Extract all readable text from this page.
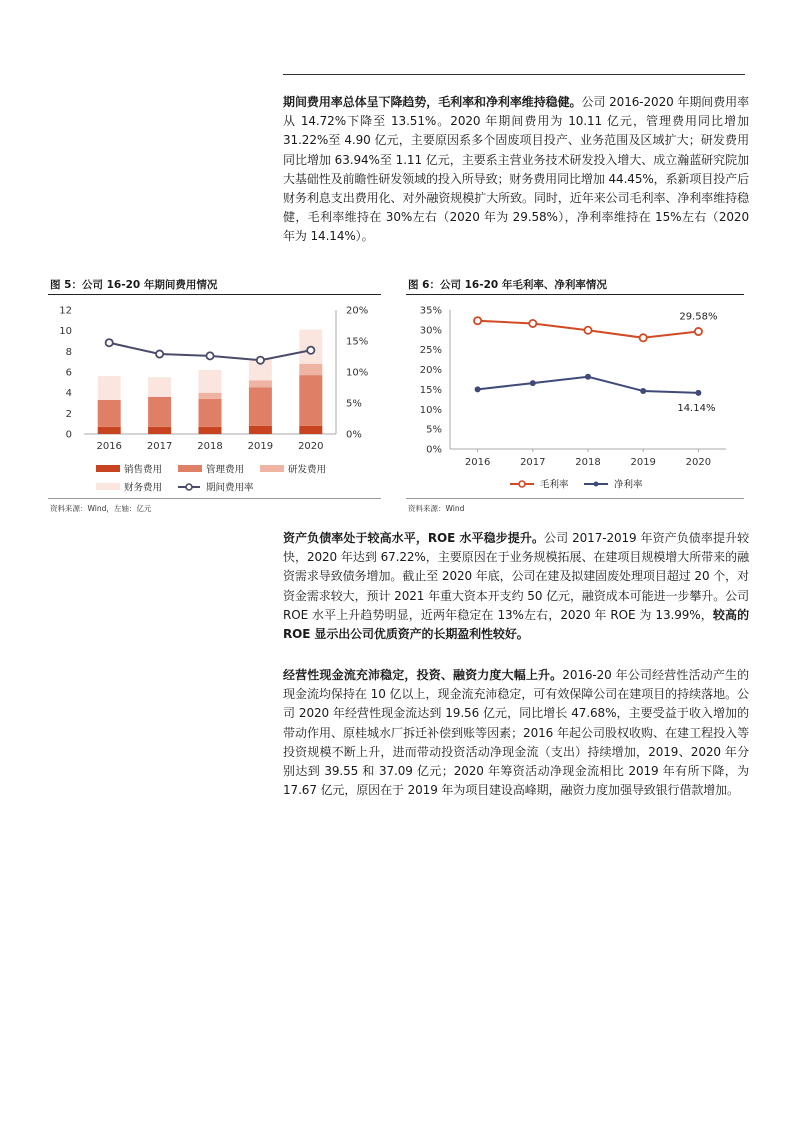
期间费用率总体呈下降趋势，毛利率和净利率维持稳健。公司 2016-2020 年期间费用率从 14.72%下降至 13.51%。2020 年期间费用为 10.11 亿元，管理费用同比增加 31.22%至 4.90 亿元，主要原因系多个固废项目投产、业务范围及区域扩大；研发费用同比增加 63.94%至 1.11 亿元，主要系主营业务技术研发投入增大、成立瀚蓝研究院加大基础性及前瞻性研发领域的投入所导致；财务费用同比增加 44.45%，系新项目投产后财务利息支出费用化、对外融资规模扩大所致。同时，近年来公司毛利率、净利率维持稳健，毛利率维持在 30%左右（2020 年为 29.58%），净利率维持在 15%左右（2020 年为 14.14%）。
图 5：公司 16-20 年期间费用情况	图 6：公司 16-20 年毛利率、净利率情况
0
2
4
6
8
10
12
0%
5%
10%
15%
20%
2016 2017 2018 2019 2020
销售费用	管理费用	研发费用
财务费用	期间费用率
0%
5%
10%
15%
20%
25%
30%
35%
2016	2017	2018	2019	2020
29.58%
14.14%
毛利率	净利率
资料来源：Wind，左轴：亿元	资料来源：Wind
资产负债率处于较高水平，ROE 水平稳步提升。公司 2017-2019 年资产负债率提升较快，2020 年达到 67.22%，主要原因在于业务规模拓展、在建项目规模增大所带来的融资需求导致债务增加。截止至 2020 年底，公司在建及拟建固废处理项目超过 20 个，对资金需求较大，预计 2021 年重大资本开支约 50 亿元，融资成本可能进一步攀升。公司 ROE 水平上升趋势明显，近两年稳定在 13%左右，2020 年 ROE 为 13.99%，较高的 ROE 显示出公司优质资产的长期盈利性较好。
经营性现金流充沛稳定，投资、融资力度大幅上升。2016-20 年公司经营性活动产生的现金流均保持在 10 亿以上，现金流充沛稳定，可有效保障公司在建项目的持续落地。公司 2020 年经营性现金流达到 19.56 亿元，同比增长 47.68%，主要受益于收入增加的带动作用、原桂城水厂拆迁补偿到账等因素；2016 年起公司股权收购、在建工程投入等投资规模不断上升，进而带动投资活动净现金流（支出）持续增加，2019、2020 年分别达到 39.55 和 37.09 亿元；2020 年筹资活动净现金流相比 2019 年有所下降，为 17.67 亿元，原因在于 2019 年为项目建设高峰期，融资力度加强导致银行借款增加。
